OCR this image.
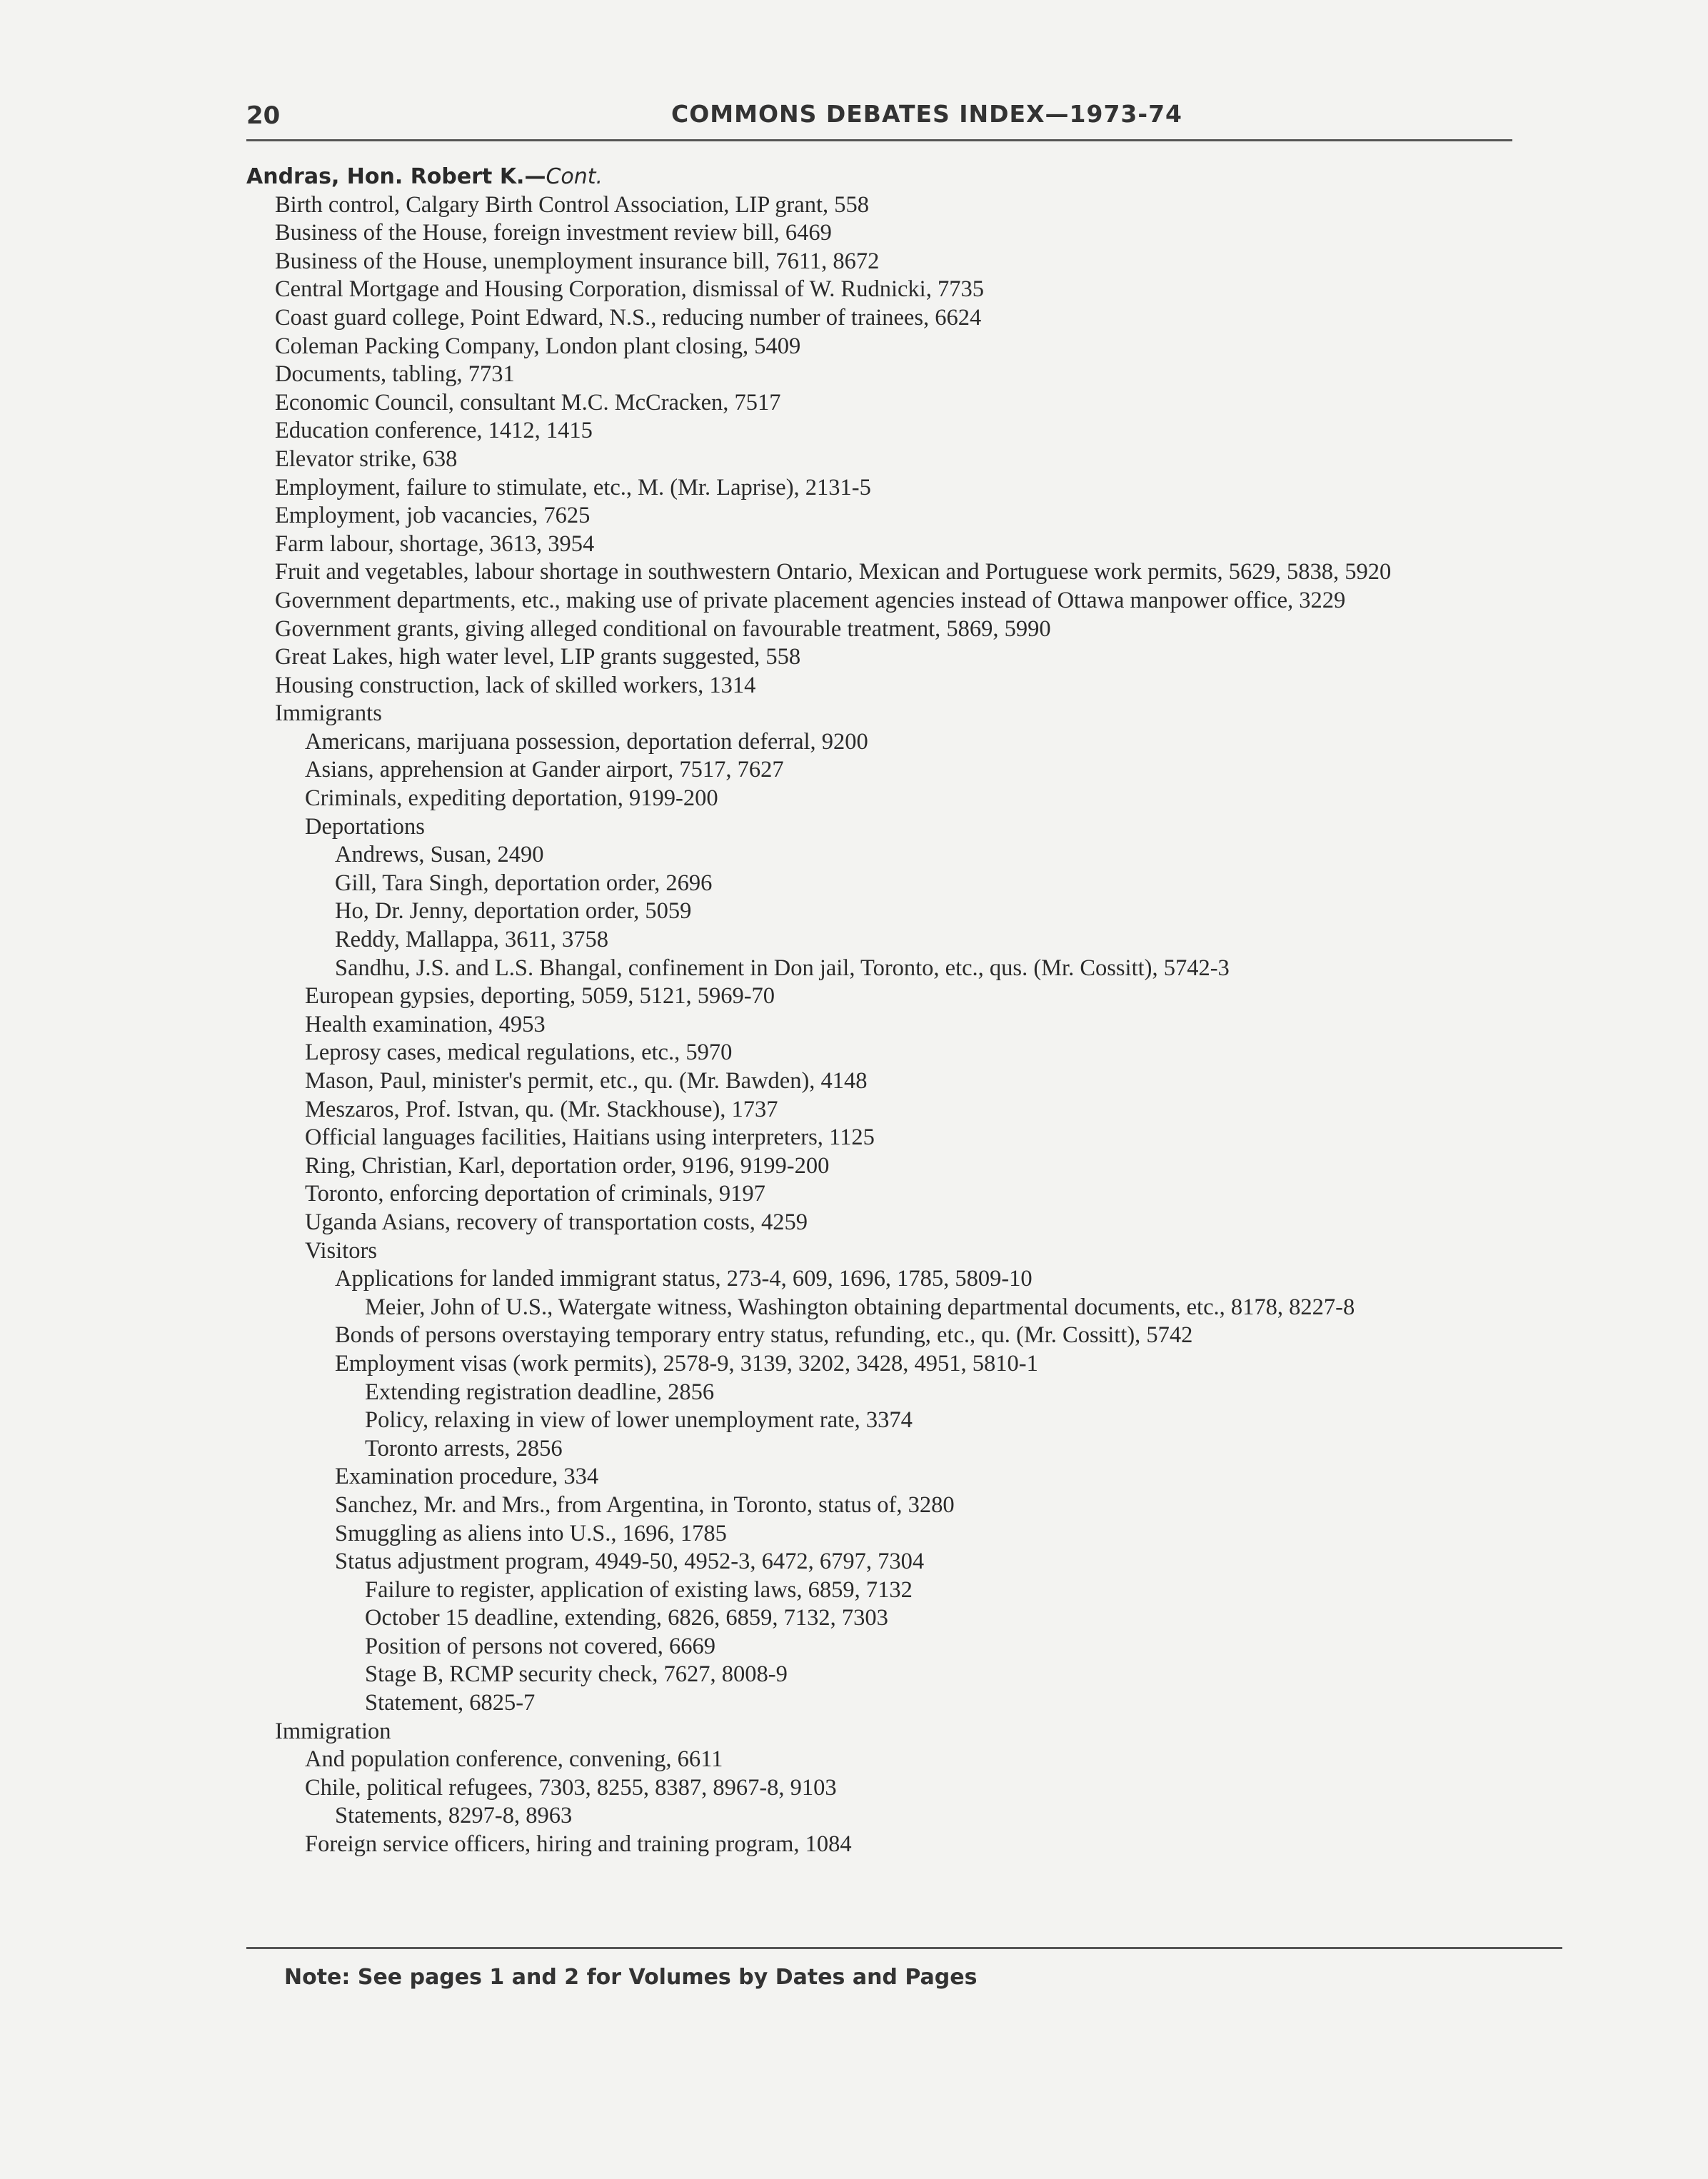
20	COMMONS DEBATES INDEX—1973-74
Andras, Hon. Robert K.—Cont.
Birth control, Calgary Birth Control Association, LIP grant, 558
Business of the House, foreign investment review bill, 6469
Business of the House, unemployment insurance bill, 7611, 8672
Central Mortgage and Housing Corporation, dismissal of W. Rudnicki, 7735
Coast guard college, Point Edward, N.S., reducing number of trainees, 6624
Coleman Packing Company, London plant closing, 5409
Documents, tabling, 7731
Economic Council, consultant M.C. McCracken, 7517
Education conference, 1412, 1415
Elevator strike, 638
Employment, failure to stimulate, etc., M. (Mr. Laprise), 2131-5
Employment, job vacancies, 7625
Farm labour, shortage, 3613, 3954
Fruit and vegetables, labour shortage in southwestern Ontario, Mexican and Portuguese work permits, 5629, 5838, 5920
Government departments, etc., making use of private placement agencies instead of Ottawa manpower office, 3229
Government grants, giving alleged conditional on favourable treatment, 5869, 5990
Great Lakes, high water level, LIP grants suggested, 558
Housing construction, lack of skilled workers, 1314
Immigrants
Americans, marijuana possession, deportation deferral, 9200
Asians, apprehension at Gander airport, 7517, 7627
Criminals, expediting deportation, 9199-200
Deportations
Andrews, Susan, 2490
Gill, Tara Singh, deportation order, 2696
Ho, Dr. Jenny, deportation order, 5059
Reddy, Mallappa, 3611, 3758
Sandhu, J.S. and L.S. Bhangal, confinement in Don jail, Toronto, etc., qus. (Mr. Cossitt), 5742-3
European gypsies, deporting, 5059, 5121, 5969-70
Health examination, 4953
Leprosy cases, medical regulations, etc., 5970
Mason, Paul, minister's permit, etc., qu. (Mr. Bawden), 4148
Meszaros, Prof. Istvan, qu. (Mr. Stackhouse), 1737
Official languages facilities, Haitians using interpreters, 1125
Ring, Christian, Karl, deportation order, 9196, 9199-200
Toronto, enforcing deportation of criminals, 9197
Uganda Asians, recovery of transportation costs, 4259
Visitors
Applications for landed immigrant status, 273-4, 609, 1696, 1785, 5809-10
Meier, John of U.S., Watergate witness, Washington obtaining departmental documents, etc., 8178, 8227-8
Bonds of persons overstaying temporary entry status, refunding, etc., qu. (Mr. Cossitt), 5742
Employment visas (work permits), 2578-9, 3139, 3202, 3428, 4951, 5810-1
Extending registration deadline, 2856
Policy, relaxing in view of lower unemployment rate, 3374
Toronto arrests, 2856
Examination procedure, 334
Sanchez, Mr. and Mrs., from Argentina, in Toronto, status of, 3280
Smuggling as aliens into U.S., 1696, 1785
Status adjustment program, 4949-50, 4952-3, 6472, 6797, 7304
Failure to register, application of existing laws, 6859, 7132
October 15 deadline, extending, 6826, 6859, 7132, 7303
Position of persons not covered, 6669
Stage B, RCMP security check, 7627, 8008-9
Statement, 6825-7
Immigration
And population conference, convening, 6611
Chile, political refugees, 7303, 8255, 8387, 8967-8, 9103
Statements, 8297-8, 8963
Foreign service officers, hiring and training program, 1084
Note: See pages 1 and 2 for Volumes by Dates and Pages
